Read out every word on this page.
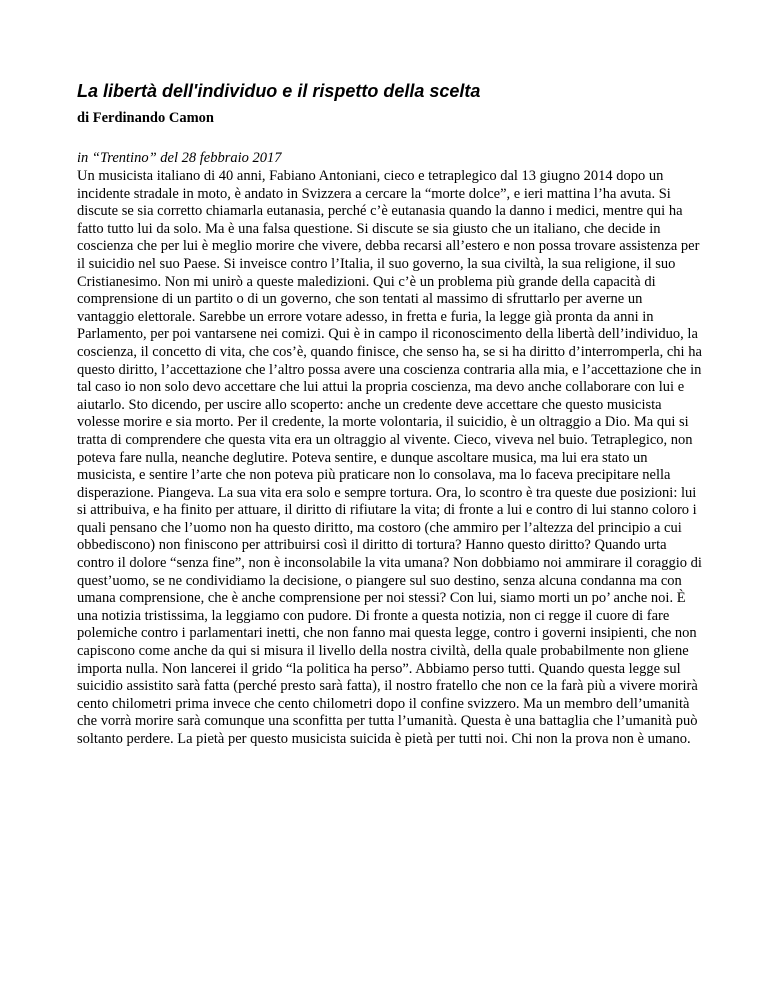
La libertà dell'individuo e il rispetto della scelta
di Ferdinando Camon
in “Trentino” del 28 febbraio 2017

Un musicista italiano di 40 anni, Fabiano Antoniani, cieco e tetraplegico dal 13 giugno 2014 dopo un incidente stradale in moto, è andato in Svizzera a cercare la “morte dolce”, e ieri mattina l’ha avuta. Si discute se sia corretto chiamarla eutanasia, perché c’è eutanasia quando la danno i medici, mentre qui ha fatto tutto lui da solo. Ma è una falsa questione. Si discute se sia giusto che un italiano, che decide in coscienza che per lui è meglio morire che vivere, debba recarsi all’estero e non possa trovare assistenza per il suicidio nel suo Paese. Si inveisce contro l’Italia, il suo governo, la sua civiltà, la sua religione, il suo Cristianesimo. Non mi unirò a queste maledizioni. Qui c’è un problema più grande della capacità di comprensione di un partito o di un governo, che son tentati al massimo di sfruttarlo per averne un vantaggio elettorale. Sarebbe un errore votare adesso, in fretta e furia, la legge già pronta da anni in Parlamento, per poi vantarsene nei comizi. Qui è in campo il riconoscimento della libertà dell’individuo, la coscienza, il concetto di vita, che cos’è, quando finisce, che senso ha, se si ha diritto d’interromperla, chi ha questo diritto, l’accettazione che l’altro possa avere una coscienza contraria alla mia, e l’accettazione che in tal caso io non solo devo accettare che lui attui la propria coscienza, ma devo anche collaborare con lui e aiutarlo. Sto dicendo, per uscire allo scoperto: anche un credente deve accettare che questo musicista volesse morire e sia morto. Per il credente, la morte volontaria, il suicidio, è un oltraggio a Dio. Ma qui si tratta di comprendere che questa vita era un oltraggio al vivente. Cieco, viveva nel buio. Tetraplegico, non poteva fare nulla, neanche deglutire. Poteva sentire, e dunque ascoltare musica, ma lui era stato un musicista, e sentire l’arte che non poteva più praticare non lo consolava, ma lo faceva precipitare nella disperazione. Piangeva. La sua vita era solo e sempre tortura. Ora, lo scontro è tra queste due posizioni: lui si attribuiva, e ha finito per attuare, il diritto di rifiutare la vita; di fronte a lui e contro di lui stanno coloro i quali pensano che l’uomo non ha questo diritto, ma costoro (che ammiro per l’altezza del principio a cui obbediscono) non finiscono per attribuirsi così il diritto di tortura? Hanno questo diritto? Quando urta contro il dolore “senza fine”, non è inconsolabile la vita umana? Non dobbiamo noi ammirare il coraggio di quest’uomo, se ne condividiamo la decisione, o piangere sul suo destino, senza alcuna condanna ma con umana comprensione, che è anche comprensione per noi stessi? Con lui, siamo morti un po’ anche noi. È una notizia tristissima, la leggiamo con pudore. Di fronte a questa notizia, non ci regge il cuore di fare polemiche contro i parlamentari inetti, che non fanno mai questa legge, contro i governi insipienti, che non capiscono come anche da qui si misura il livello della nostra civiltà, della quale probabilmente non gliene importa nulla. Non lancerei il grido “la politica ha perso”. Abbiamo perso tutti. Quando questa legge sul suicidio assistito sarà fatta (perché presto sarà fatta), il nostro fratello che non ce la farà più a vivere morirà cento chilometri prima invece che cento chilometri dopo il confine svizzero. Ma un membro dell’umanità che vorrà morire sarà comunque una sconfitta per tutta l’umanità. Questa è una battaglia che l’umanità può soltanto perdere. La pietà per questo musicista suicida è pietà per tutti noi. Chi non la prova non è umano.
